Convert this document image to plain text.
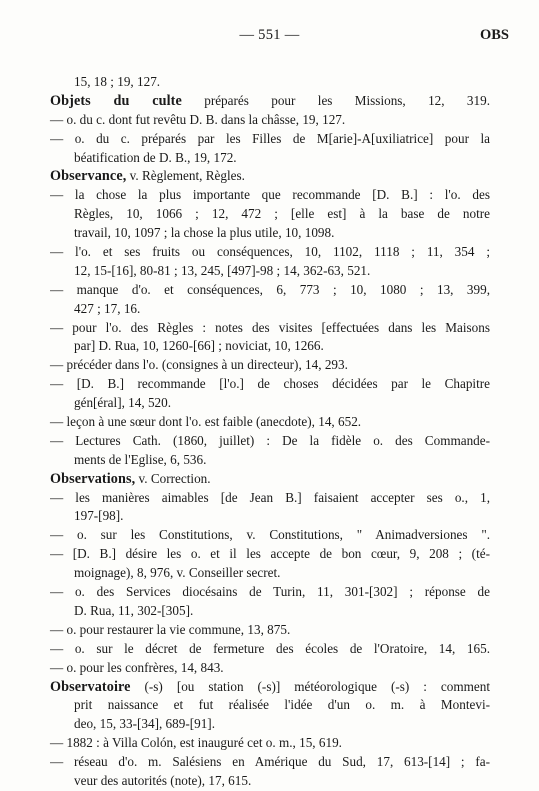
— 551 —	OBS
15, 18 ; 19, 127.
Objets du culte préparés pour les Missions, 12, 319.
— o. du c. dont fut revêtu D. B. dans la châsse, 19, 127.
— o. du c. préparés par les Filles de M[arie]-A[uxiliatrice] pour la
béatification de D. B., 19, 172.
Observance, v. Règlement, Règles.
— la chose la plus importante que recommande [D. B.] : l'o. des
Règles, 10, 1066 ; 12, 472 ; [elle est] à la base de notre
travail, 10, 1097 ; la chose la plus utile, 10, 1098.
— l'o. et ses fruits ou conséquences, 10, 1102, 1118 ; 11, 354 ;
12, 15-[16], 80-81 ; 13, 245, [497]-98 ; 14, 362-63, 521.
— manque d'o. et conséquences, 6, 773 ; 10, 1080 ; 13, 399,
427 ; 17, 16.
— pour l'o. des Règles : notes des visites [effectuées dans les Maisons
par] D. Rua, 10, 1260-[66] ; noviciat, 10, 1266.
— précéder dans l'o. (consignes à un directeur), 14, 293.
— [D. B.] recommande [l'o.] de choses décidées par le Chapitre
gén[éral], 14, 520.
— leçon à une sœur dont l'o. est faible (anecdote), 14, 652.
— Lectures Cath. (1860, juillet) : De la fidèle o. des Commande-
ments de l'Eglise, 6, 536.
Observations, v. Correction.
— les manières aimables [de Jean B.] faisaient accepter ses o., 1,
197-[98].
— o. sur les Constitutions, v. Constitutions, " Animadversiones ".
— [D. B.] désire les o. et il les accepte de bon cœur, 9, 208 ; (té-
moignage), 8, 976, v. Conseiller secret.
— o. des Services diocésains de Turin, 11, 301-[302] ; réponse de
D. Rua, 11, 302-[305].
— o. pour restaurer la vie commune, 13, 875.
— o. sur le décret de fermeture des écoles de l'Oratoire, 14, 165.
— o. pour les confrères, 14, 843.
Observatoire (-s) [ou station (-s)] météorologique (-s) : comment
prit naissance et fut réalisée l'idée d'un o. m. à Montevi-
deo, 15, 33-[34], 689-[91].
— 1882 : à Villa Colón, est inauguré cet o. m., 15, 619.
— réseau d'o. m. Salésiens en Amérique du Sud, 17, 613-[14] ; fa-
veur des autorités (note), 17, 615.
